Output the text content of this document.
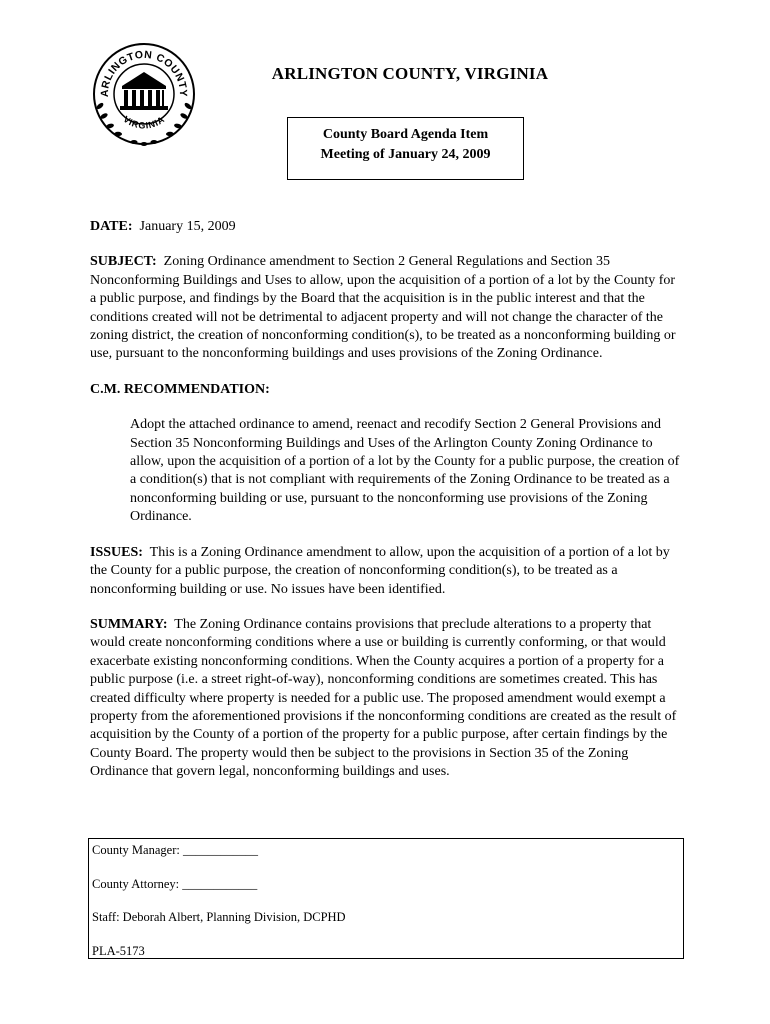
ARLINGTON COUNTY
VIRGINIA
ARLINGTON COUNTY, VIRGINIA
County Board Agenda Item
Meeting of January 24, 2009

DATE: January 15, 2009

SUBJECT: Zoning Ordinance amendment to Section 2 General Regulations and Section 35 Nonconforming Buildings and Uses to allow, upon the acquisition of a portion of a lot by the County for a public purpose, and findings by the Board that the acquisition is in the public interest and that the conditions created will not be detrimental to adjacent property and will not change the character of the zoning district, the creation of nonconforming condition(s), to be treated as a nonconforming building or use, pursuant to the nonconforming buildings and uses provisions of the Zoning Ordinance.

C.M. RECOMMENDATION:

Adopt the attached ordinance to amend, reenact and recodify Section 2 General Provisions and Section 35 Nonconforming Buildings and Uses of the Arlington County Zoning Ordinance to allow, upon the acquisition of a portion of a lot by the County for a public purpose, the creation of a condition(s) that is not compliant with requirements of the Zoning Ordinance to be treated as a nonconforming building or use, pursuant to the nonconforming use provisions of the Zoning Ordinance.

ISSUES: This is a Zoning Ordinance amendment to allow, upon the acquisition of a portion of a lot by the County for a public purpose, the creation of nonconforming condition(s), to be treated as a nonconforming building or use. No issues have been identified.

SUMMARY: The Zoning Ordinance contains provisions that preclude alterations to a property that would create nonconforming conditions where a use or building is currently conforming, or that would exacerbate existing nonconforming conditions. When the County acquires a portion of a property for a public purpose (i.e. a street right-of-way), nonconforming conditions are sometimes created. This has created difficulty where property is needed for a public use. The proposed amendment would exempt a property from the aforementioned provisions if the nonconforming conditions are created as the result of acquisition by the County of a portion of the property for a public purpose, after certain findings by the County Board. The property would then be subject to the provisions in Section 35 of the Zoning Ordinance that govern legal, nonconforming buildings and uses.

County Manager: ____________
County Attorney: ____________
Staff: Deborah Albert, Planning Division, DCPHD
PLA-5173
